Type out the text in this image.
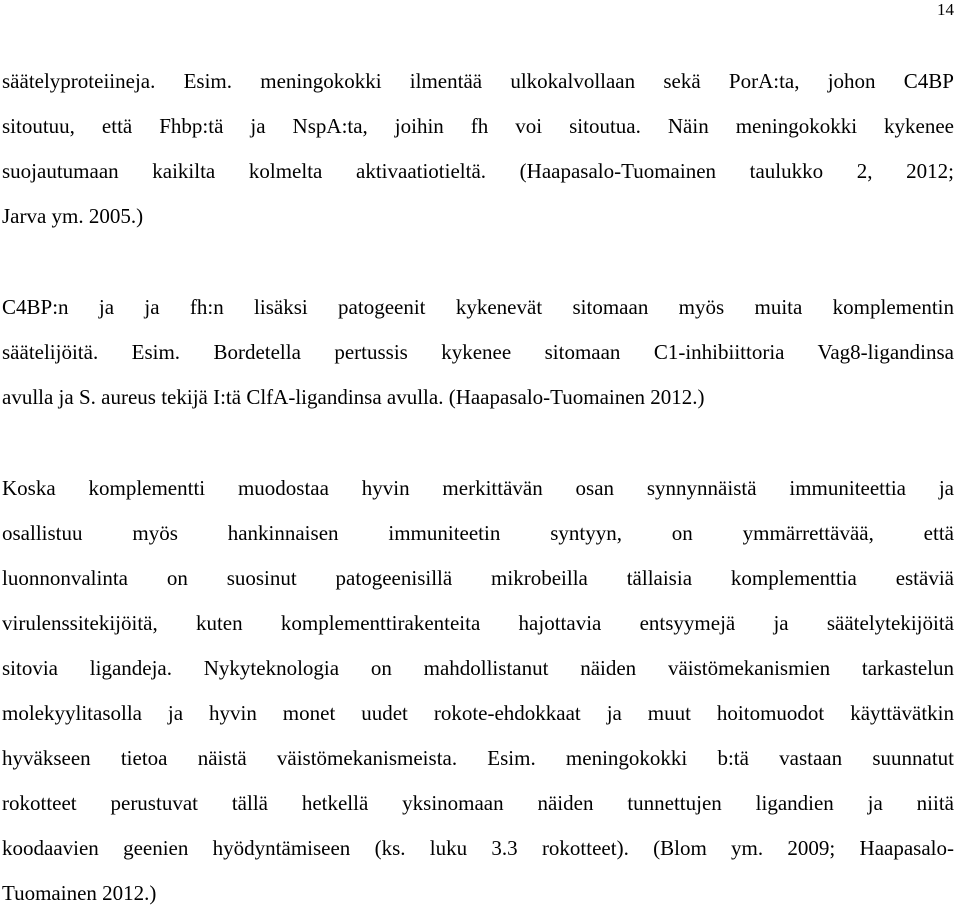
14
säätelyproteiineja. Esim. meningokokki ilmentää ulkokalvollaan sekä PorA:ta, johon C4BP
sitoutuu, että Fhbp:tä ja NspA:ta, joihin fh voi sitoutua. Näin meningokokki kykenee
suojautumaan kaikilta kolmelta aktivaatiotieltä. (Haapasalo-Tuomainen taulukko 2, 2012;
Jarva ym. 2005.)
C4BP:n ja ja fh:n lisäksi patogeenit kykenevät sitomaan myös muita komplementin
säätelijöitä. Esim. Bordetella pertussis kykenee sitomaan C1-inhibiittoria Vag8-ligandinsa
avulla ja S. aureus tekijä I:tä ClfA-ligandinsa avulla. (Haapasalo-Tuomainen 2012.)
Koska komplementti muodostaa hyvin merkittävän osan synnynnäistä immuniteettia ja
osallistuu myös hankinnaisen immuniteetin syntyyn, on ymmärrettävää, että
luonnonvalinta on suosinut patogeenisillä mikrobeilla tällaisia komplementtia estäviä
virulenssitekijöitä, kuten komplementtirakenteita hajottavia entsyymejä ja säätelytekijöitä
sitovia ligandeja. Nykyteknologia on mahdollistanut näiden väistömekanismien tarkastelun
molekyylitasolla ja hyvin monet uudet rokote-ehdokkaat ja muut hoitomuodot käyttävätkin
hyväkseen tietoa näistä väistömekanismeista. Esim. meningokokki b:tä vastaan suunnatut
rokotteet perustuvat tällä hetkellä yksinomaan näiden tunnettujen ligandien ja niitä
koodaavien geenien hyödyntämiseen (ks. luku 3.3 rokotteet). (Blom ym. 2009; Haapasalo-
Tuomainen 2012.)
